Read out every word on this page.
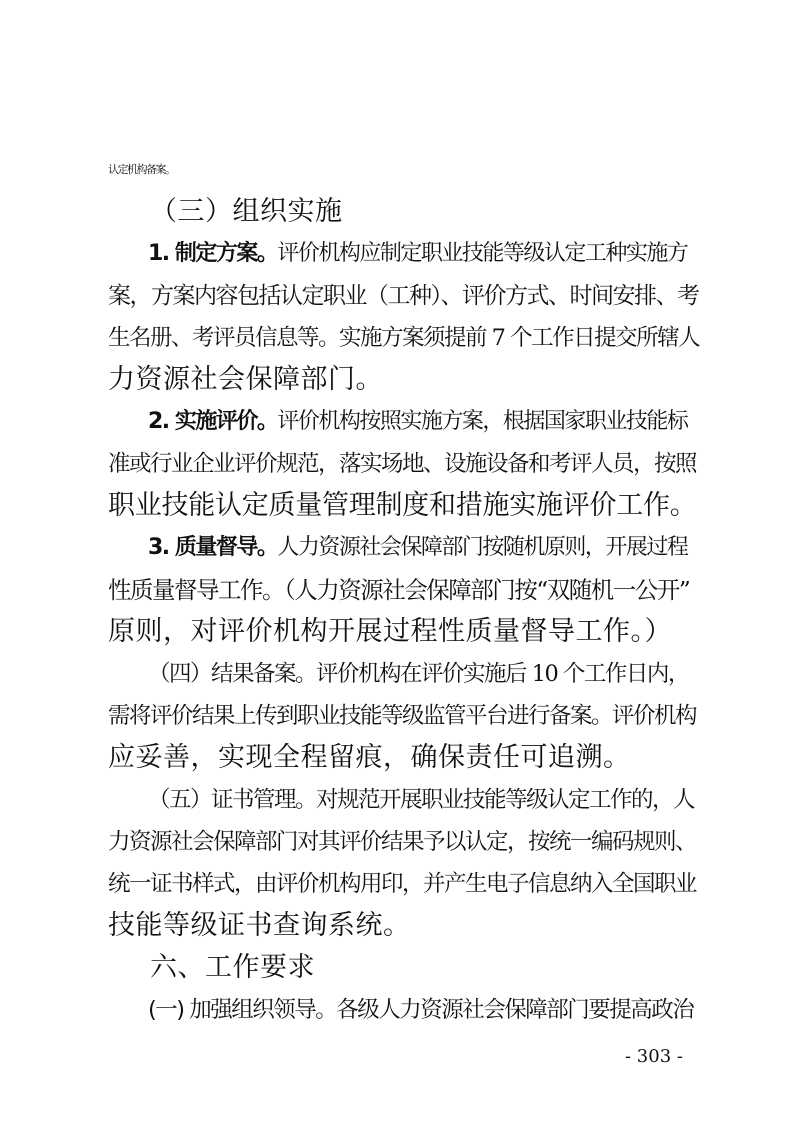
认定机构备案。
（三）组织实施
1. 制定方案。评价机构应制定职业技能等级认定工种实施方
案，方案内容包括认定职业（工种）、评价方式、时间安排、考
生名册、考评员信息等。实施方案须提前 7 个工作日提交所辖人
力资源社会保障部门。
2. 实施评价。评价机构按照实施方案，根据国家职业技能标
准或行业企业评价规范，落实场地、设施设备和考评人员，按照
职业技能认定质量管理制度和措施实施评价工作。
3. 质量督导。人力资源社会保障部门按随机原则，开展过程
性质量督导工作。（人力资源社会保障部门按“双随机一公开”
原则，对评价机构开展过程性质量督导工作。）
（四）结果备案。评价机构在评价实施后 10 个工作日内，
需将评价结果上传到职业技能等级监管平台进行备案。评价机构
应妥善，实现全程留痕，确保责任可追溯。
（五）证书管理。对规范开展职业技能等级认定工作的，人
力资源社会保障部门对其评价结果予以认定，按统一编码规则、
统一证书样式，由评价机构用印，并产生电子信息纳入全国职业
技能等级证书查询系统。
六、工作要求
(一) 加强组织领导。各级人力资源社会保障部门要提高政治
- 303 -
